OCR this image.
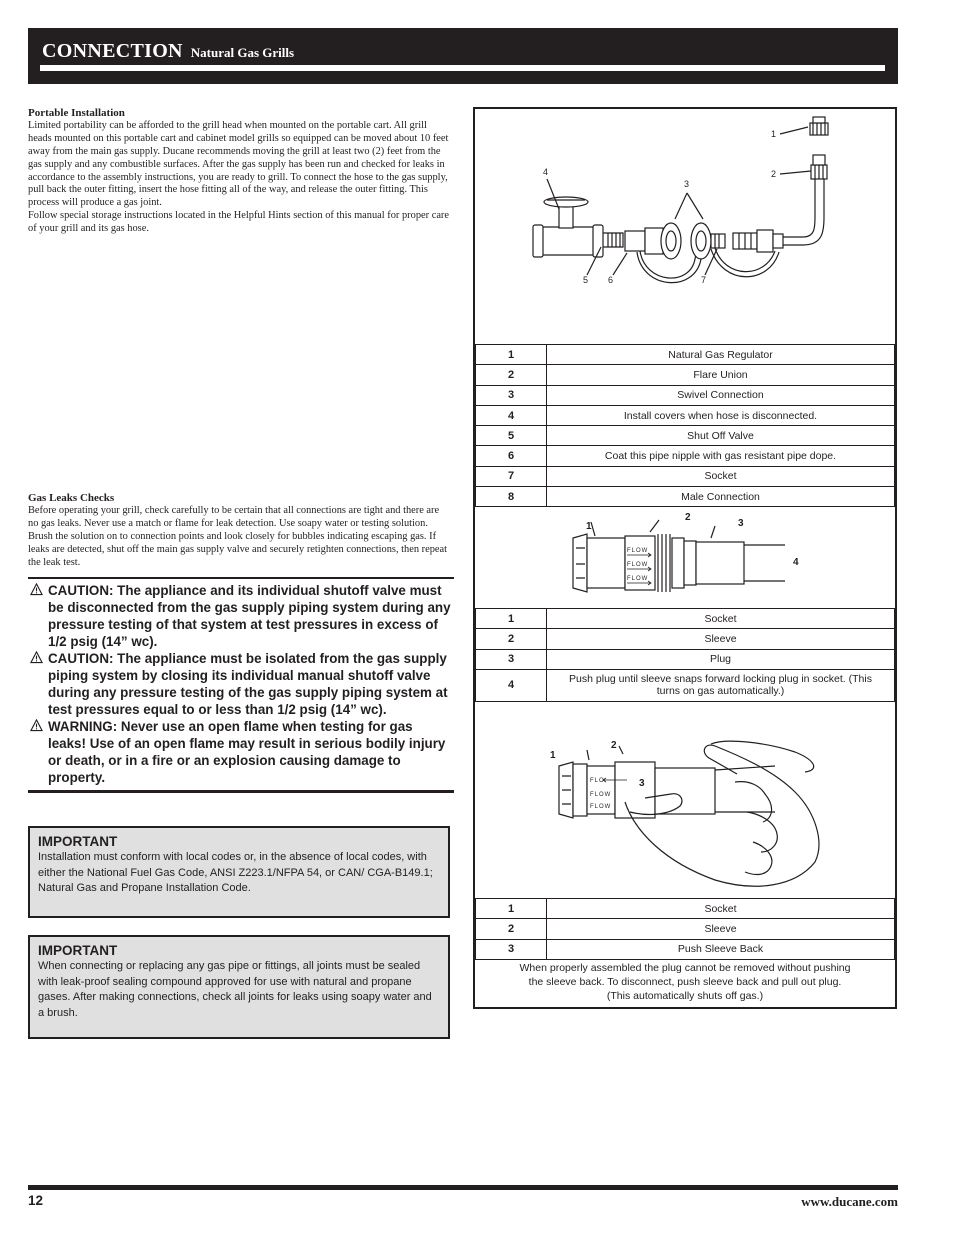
CONNECTION Natural Gas Grills
Portable Installation

Limited portability can be afforded to the grill head when mounted on the portable cart. All grill heads mounted on this portable cart and cabinet model grills so equipped can be moved about 10 feet away from the main gas supply. Ducane recommends moving the grill at least two (2) feet from the gas supply and any combustible surfaces. After the gas supply has been run and checked for leaks in accordance to the assembly instructions, you are ready to grill. To connect the hose to the gas supply, pull back the outer fitting, insert the hose fitting all of the way, and release the outer fitting. This process will produce a gas joint.

Follow special storage instructions located in the Helpful Hints section of this manual for proper care of your grill and its gas hose.

Gas Leaks Checks

Before operating your grill, check carefully to be certain that all connections are tight and there are no gas leaks. Never use a match or flame for leak detection. Use soapy water or testing solution. Brush the solution on to connection points and look closely for bubbles indicating escaping gas. If leaks are detected, shut off the main gas supply valve and securely retighten connections, then repeat the leak test.

CAUTION: The appliance and its individual shutoff valve must be disconnected from the gas supply piping system during any pressure testing of that system at test pressures in excess of 1/2 psig (14” wc).
CAUTION: The appliance must be isolated from the gas supply piping system by closing its individual manual shutoff valve during any pressure testing of the gas supply piping system at test pressures equal to or less than 1/2 psig (14” wc).
WARNING: Never use an open flame when testing for gas leaks! Use of an open flame may result in serious bodily injury or death, or in a fire or an explosion causing damage to property.
IMPORTANT
Installation must conform with local codes or, in the absence of local codes, with either the National Fuel Gas Code, ANSI Z223.1/NFPA 54, or CAN/ CGA-B149.1; Natural Gas and Propane Installation Code.
IMPORTANT
When connecting or replacing any gas pipe or fittings, all joints must be sealed with leak-proof sealing compound approved for use with natural and propane gases. After making connections, check all joints for leaks using soapy water and a brush.
1
2
3
4
5 6	7
1	Natural Gas Regulator
2	Flare Union
3	Swivel Connection
4	Install covers when hose is disconnected.
5	Shut Off Valve
6	Coat this pipe nipple with gas resistant pipe dope.
7	Socket
8	Male Connection
FLOW
FLOW
FLOW
1
2
3
4
1	Socket
2	Sleeve
3	Plug
4	Push plug until sleeve snaps forward locking plug in socket. (This turns on gas automatically.)
FLO
FLOW
FLOW
1
2
3
1	Socket
2	Sleeve
3	Push Sleeve Back
When properly assembled the plug cannot be removed without pushing
the sleeve back. To disconnect, push sleeve back and pull out plug.
(This automatically shuts off gas.)
12	www.ducane.com
